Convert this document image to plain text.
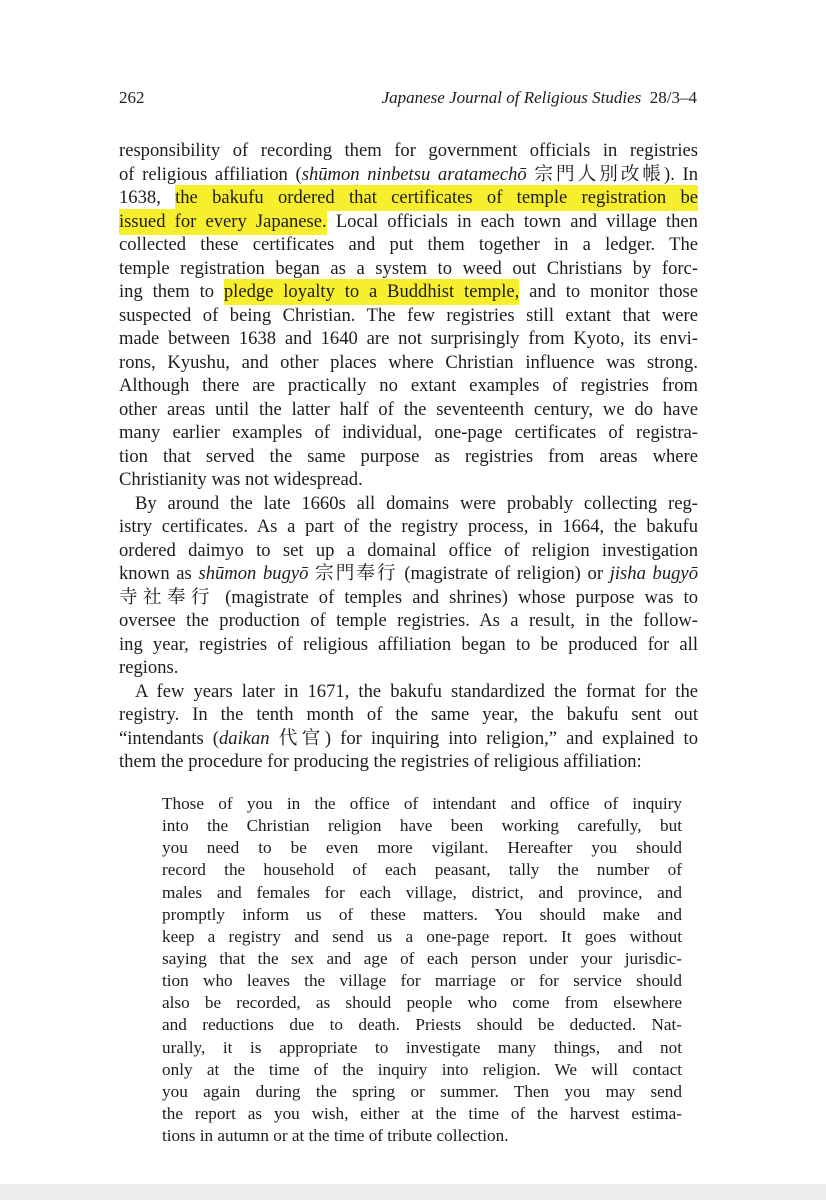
262	Japanese Journal of Religious Studies 28/3–4
responsibility of recording them for government officials in registries
of religious affiliation (shūmon ninbetsu aratamechō 宗門人別改帳). In
1638, the bakufu ordered that certificates of temple registration be
issued for every Japanese. Local officials in each town and village then
collected these certificates and put them together in a ledger. The
temple registration began as a system to weed out Christians by forc-
ing them to pledge loyalty to a Buddhist temple, and to monitor those
suspected of being Christian. The few registries still extant that were
made between 1638 and 1640 are not surprisingly from Kyoto, its envi-
rons, Kyushu, and other places where Christian influence was strong.
Although there are practically no extant examples of registries from
other areas until the latter half of the seventeenth century, we do have
many earlier examples of individual, one-page certificates of registra-
tion that served the same purpose as registries from areas where
Christianity was not widespread.
By around the late 1660s all domains were probably collecting reg-
istry certificates. As a part of the registry process, in 1664, the bakufu
ordered daimyo to set up a domainal office of religion investigation
known as shūmon bugyō 宗門奉行 (magistrate of religion) or jisha bugyō
寺社奉行 (magistrate of temples and shrines) whose purpose was to
oversee the production of temple registries. As a result, in the follow-
ing year, registries of religious affiliation began to be produced for all
regions.
A few years later in 1671, the bakufu standardized the format for the
registry. In the tenth month of the same year, the bakufu sent out
“intendants (daikan 代官) for inquiring into religion,” and explained to
them the procedure for producing the registries of religious affiliation:
Those of you in the office of intendant and office of inquiry
into the Christian religion have been working carefully, but
you need to be even more vigilant. Hereafter you should
record the household of each peasant, tally the number of
males and females for each village, district, and province, and
promptly inform us of these matters. You should make and
keep a registry and send us a one-page report. It goes without
saying that the sex and age of each person under your jurisdic-
tion who leaves the village for marriage or for service should
also be recorded, as should people who come from elsewhere
and reductions due to death. Priests should be deducted. Nat-
urally, it is appropriate to investigate many things, and not
only at the time of the inquiry into religion. We will contact
you again during the spring or summer. Then you may send
the report as you wish, either at the time of the harvest estima-
tions in autumn or at the time of tribute collection.
